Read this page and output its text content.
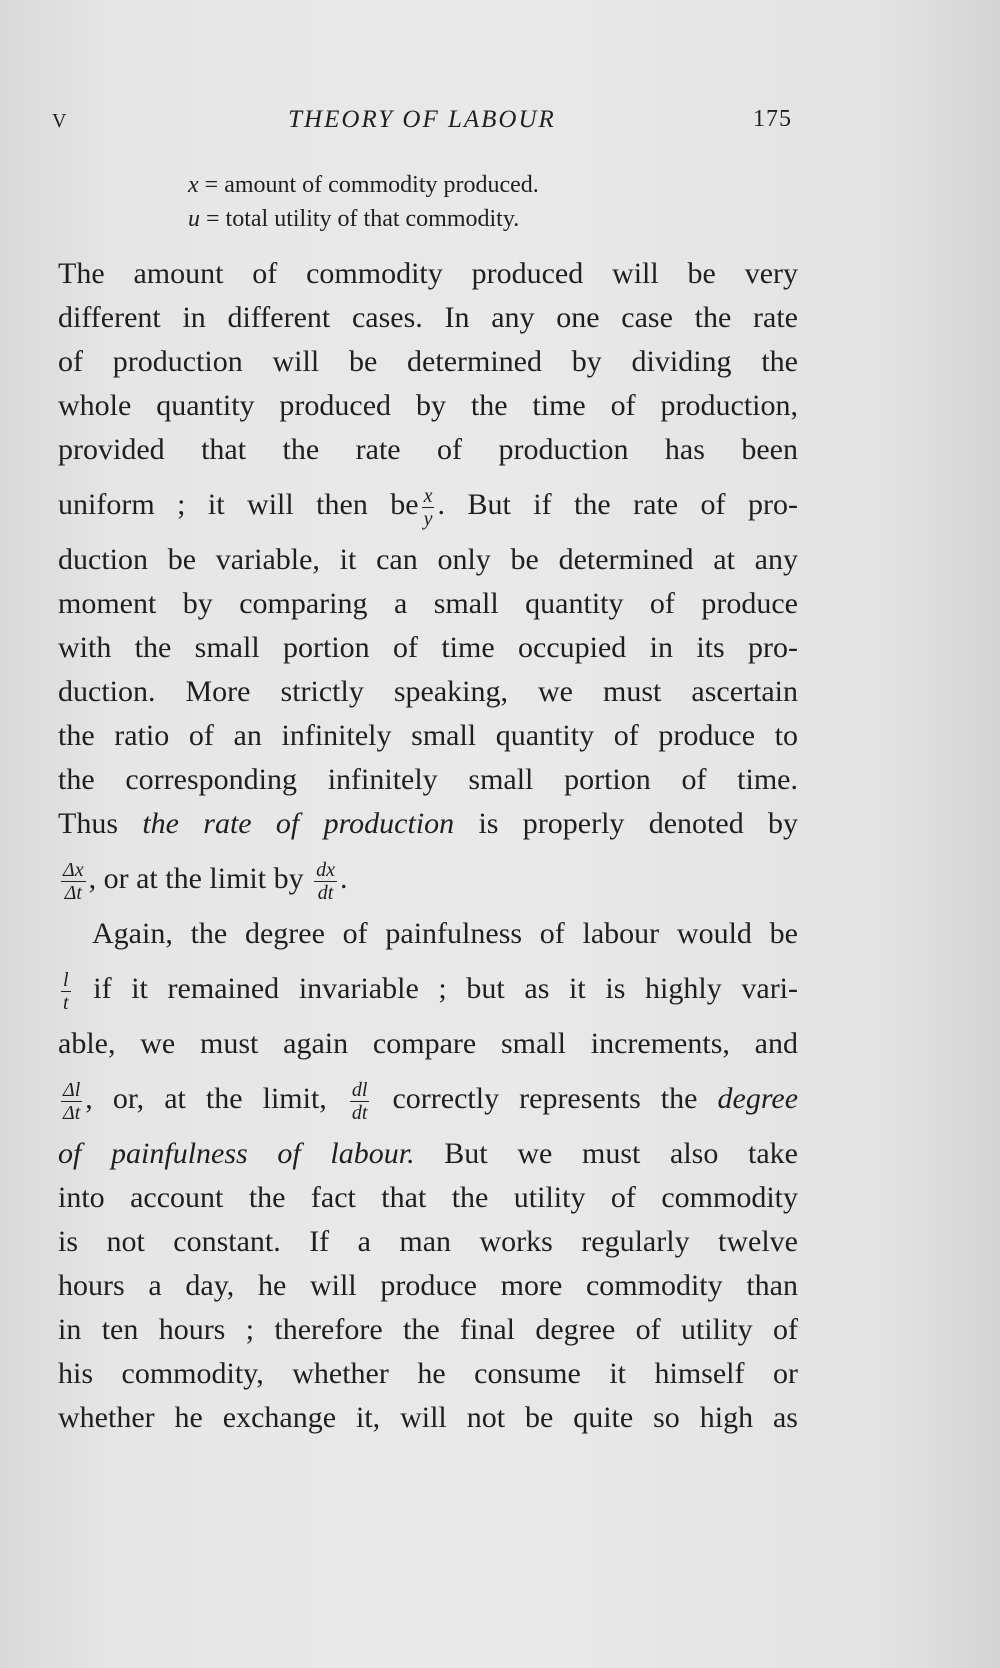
V	THEORY OF LABOUR	175
x = amount of commodity produced.
u = total utility of that commodity.
The amount of commodity produced will be very
different in different cases. In any one case the rate
of production will be determined by dividing the
whole quantity produced by the time of production,
provided that the rate of production has been
uniform ; it will then be $\frac{x}{y}$ . But if the rate of pro-
duction be variable, it can only be determined at any
moment by comparing a small quantity of produce
with the small portion of time occupied in its pro-
duction. More strictly speaking, we must ascertain
the ratio of an infinitely small quantity of produce to
the corresponding infinitely small portion of time.
Thus the rate of production is properly denoted by
$\frac{\Delta x}{\Delta t}$ , or at the limit by $\frac{dx}{dt}$ .
Again, the degree of painfulness of labour would be
$\frac{l}{t}$ if it remained invariable ; but as it is highly vari-
able, we must again compare small increments, and
$\frac{\Delta l}{\Delta t}$ , or, at the limit, $\frac{dl}{dt}$ correctly represents the degree
of painfulness of labour. But we must also take
into account the fact that the utility of commodity
is not constant. If a man works regularly twelve
hours a day, he will produce more commodity than
in ten hours ; therefore the final degree of utility of
his commodity, whether he consume it himself or
whether he exchange it, will not be quite so high as
